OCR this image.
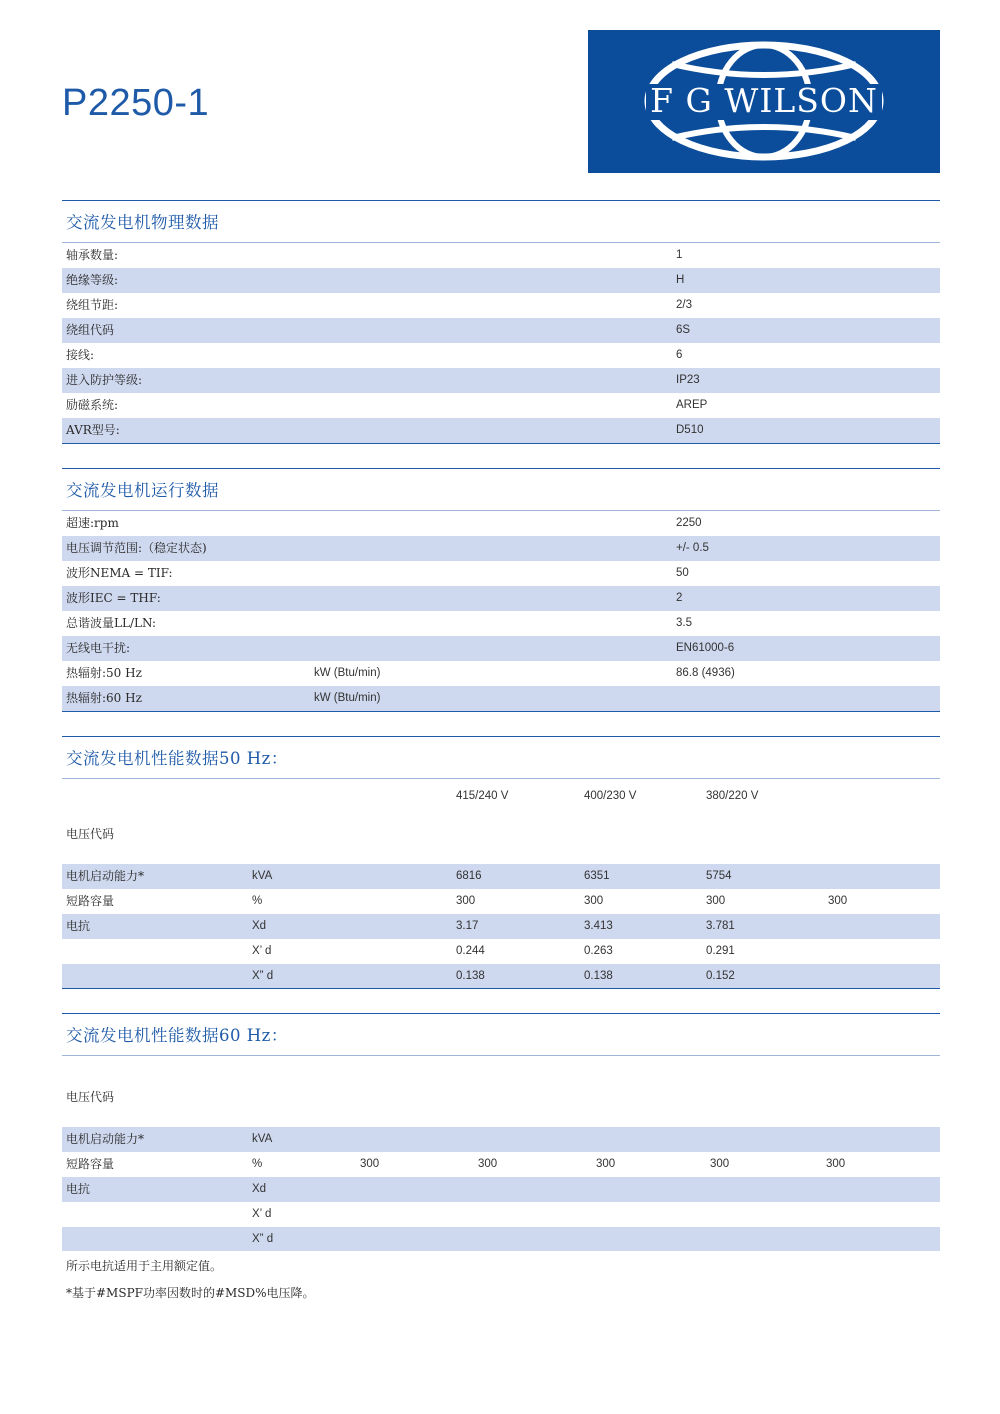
P2250-1	F G WILSON
交流发电机物理数据
轴承数量:	1
绝缘等级:	H
绕组节距:	2/3
绕组代码	6S
接线:	6
进入防护等级:	IP23
励磁系统:	AREP
AVR型号:	D510
交流发电机运行数据
超速:rpm		2250
电压调节范围:（稳定状态)		+/- 0.5
波形NEMA = TIF:		50
波形IEC = THF:		2
总谐波量LL/LN:		3.5
无线电干扰:		EN61000-6
热辐射:50 Hz	kW (Btu/min)	86.8 (4936)
热辐射:60 Hz	kW (Btu/min)	
交流发电机性能数据50 Hz：
		415/240 V	400/230 V	380/220 V	
电压代码					
电机启动能力*	kVA	6816	6351	5754	
短路容量	%	300	300	300	300
电抗	Xd	3.17	3.413	3.781	
	X’ d	0.244	0.263	0.291	
	X” d	0.138	0.138	0.152	
交流发电机性能数据60 Hz：

电压代码						
电机启动能力*	kVA					
短路容量	%	300	300	300	300	300
电抗	Xd					
	X’ d					
	X” d					
所示电抗适用于主用额定值。
*基于#MSPF功率因数时的#MSD%电压降。
